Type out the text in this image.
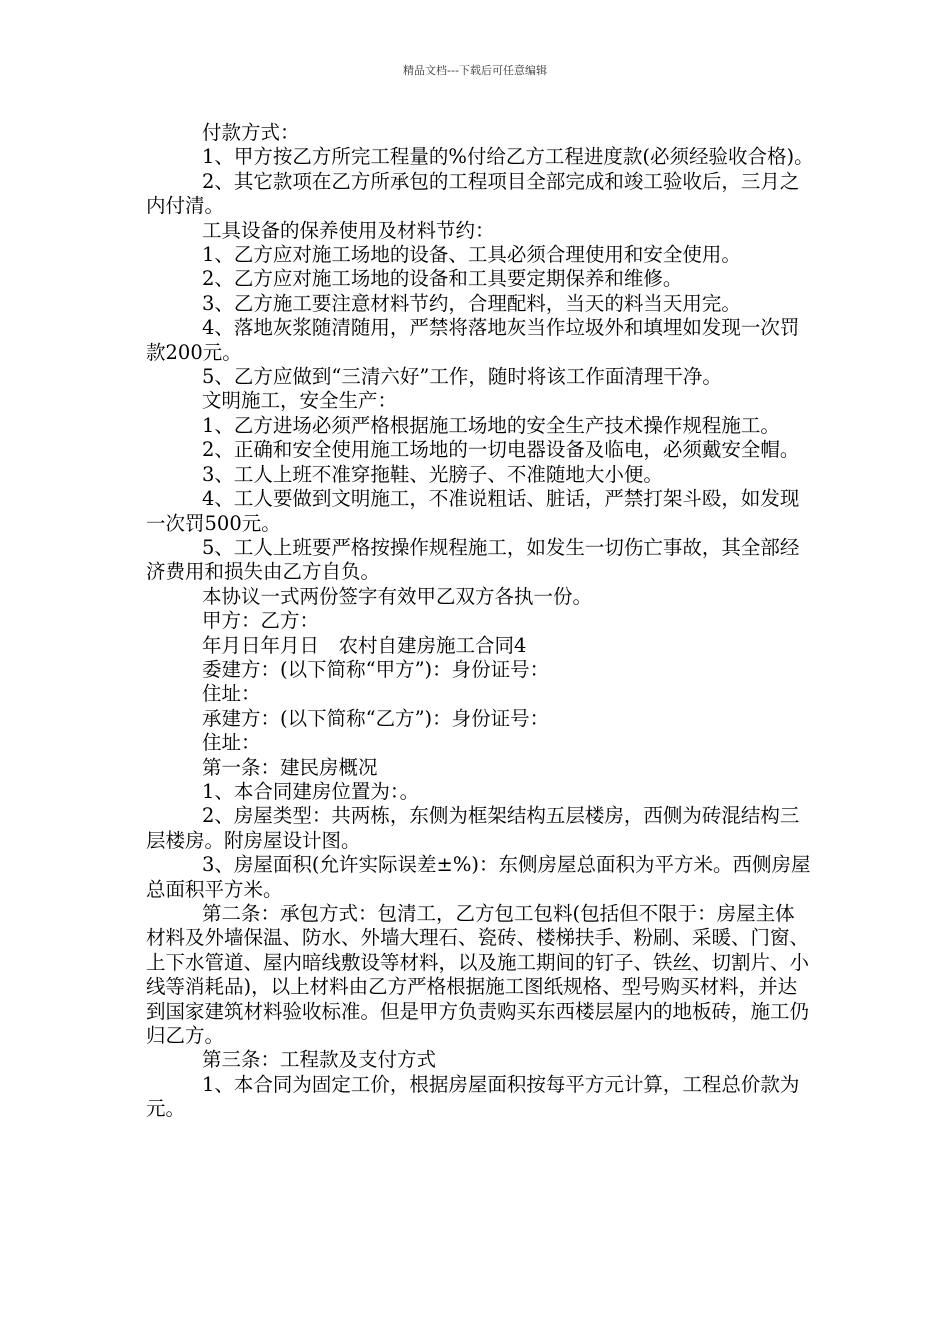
精品文档---下载后可任意编辑

付款方式：

1、甲方按乙方所完工程量的%付给乙方工程进度款(必须经验收合格)。

2、其它款项在乙方所承包的工程项目全部完成和竣工验收后，三月之内付清。

工具设备的保养使用及材料节约：

1、乙方应对施工场地的设备、工具必须合理使用和安全使用。

2、乙方应对施工场地的设备和工具要定期保养和维修。

3、乙方施工要注意材料节约，合理配料，当天的料当天用完。

4、落地灰浆随清随用，严禁将落地灰当作垃圾外和填埋如发现一次罚款200元。

5、乙方应做到“三清六好”工作，随时将该工作面清理干净。

文明施工，安全生产：

1、乙方进场必须严格根据施工场地的安全生产技术操作规程施工。

2、正确和安全使用施工场地的一切电器设备及临电，必须戴安全帽。

3、工人上班不准穿拖鞋、光膀子、不准随地大小便。

4、工人要做到文明施工，不准说粗话、脏话，严禁打架斗殴，如发现一次罚500元。

5、工人上班要严格按操作规程施工，如发生一切伤亡事故，其全部经济费用和损失由乙方自负。

本协议一式两份签字有效甲乙双方各执一份。

甲方：乙方：

年月日年月日　农村自建房施工合同4

委建方：(以下简称“甲方”)：身份证号：

住址：

承建方：(以下简称“乙方”)：身份证号：

住址：

第一条：建民房概况

1、本合同建房位置为：。

2、房屋类型：共两栋，东侧为框架结构五层楼房，西侧为砖混结构三层楼房。附房屋设计图。

3、房屋面积(允许实际误差±%)：东侧房屋总面积为平方米。西侧房屋总面积平方米。

第二条：承包方式：包清工，乙方包工包料(包括但不限于：房屋主体材料及外墙保温、防水、外墙大理石、瓷砖、楼梯扶手、粉刷、采暖、门窗、上下水管道、屋内暗线敷设等材料，以及施工期间的钉子、铁丝、切割片、小线等消耗品)，以上材料由乙方严格根据施工图纸规格、型号购买材料，并达到国家建筑材料验收标准。但是甲方负责购买东西楼层屋内的地板砖，施工仍归乙方。

第三条：工程款及支付方式

1、本合同为固定工价，根据房屋面积按每平方元计算，工程总价款为元。
